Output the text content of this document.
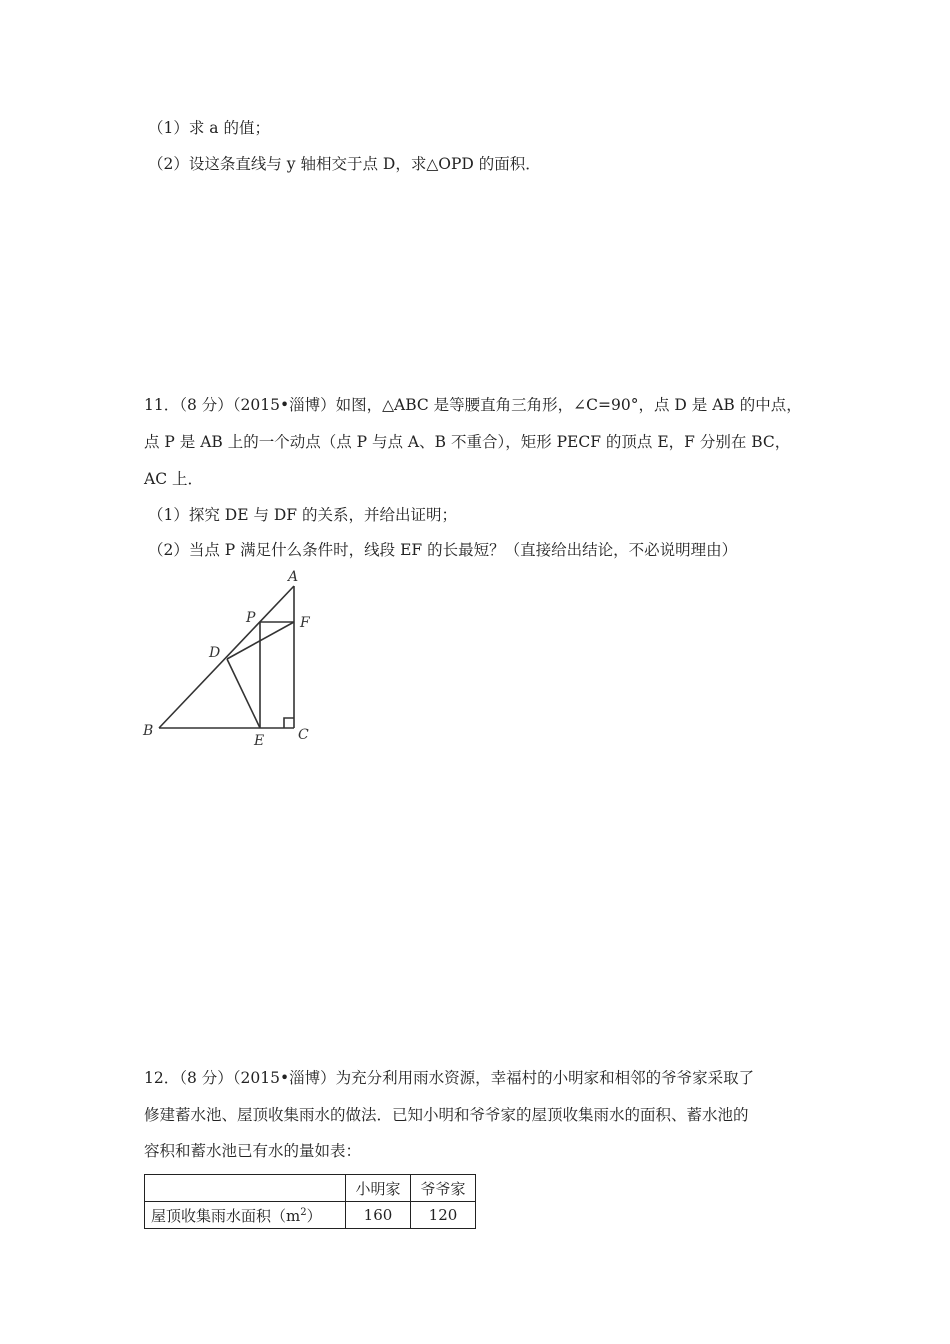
（1）求 a 的值；
（2）设这条直线与 y 轴相交于点 D，求△OPD 的面积．
11．（8 分）（2015•淄博）如图，△ABC 是等腰直角三角形，∠C=90°，点 D 是 AB 的中点，
点 P 是 AB 上的一个动点（点 P 与点 A、B 不重合），矩形 PECF 的顶点 E，F 分别在 BC，
AC 上．
（1）探究 DE 与 DF 的关系，并给出证明；
（2）当点 P 满足什么条件时，线段 EF 的长最短？（直接给出结论，不必说明理由）
A
P	F
D
B
E C
12．（8 分）（2015•淄博）为充分利用雨水资源，幸福村的小明家和相邻的爷爷家采取了
修建蓄水池、屋顶收集雨水的做法．已知小明和爷爷家的屋顶收集雨水的面积、蓄水池的
容积和蓄水池已有水的量如表：
	小明家	爷爷家
屋顶收集雨水面积$(m^2)$	160	120
